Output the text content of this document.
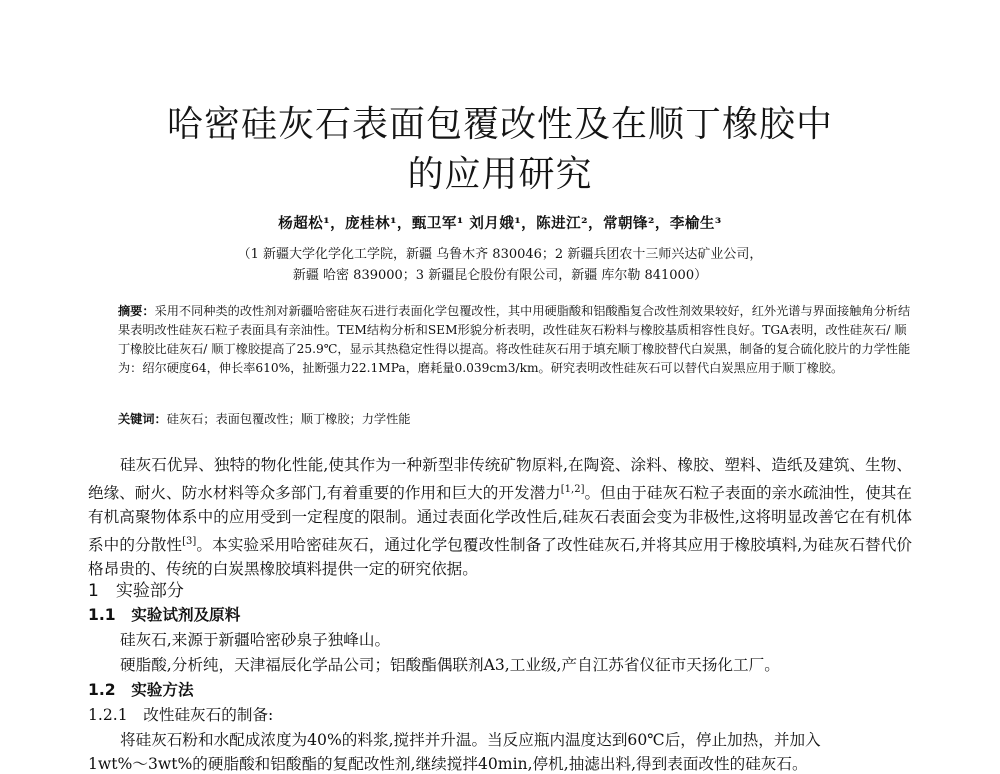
哈密硅灰石表面包覆改性及在顺丁橡胶中
的应用研究
杨超松¹，庞桂林¹，甄卫军¹ 刘月娥¹，陈进江²，常朝锋²，李榆生³
（1 新疆大学化学化工学院，新疆 乌鲁木齐 830046；2 新疆兵团农十三师兴达矿业公司，
新疆 哈密 839000；3 新疆昆仑股份有限公司，新疆 库尔勒 841000）
摘要：采用不同种类的改性剂对新疆哈密硅灰石进行表面化学包覆改性，其中用硬脂酸和铝酸酯复合改性剂效果较好，红外光谱与界面接触角分析结果表明改性硅灰石粒子表面具有亲油性。TEM结构分析和SEM形貌分析表明，改性硅灰石粉料与橡胶基质相容性良好。TGA表明，改性硅灰石/ 顺丁橡胶比硅灰石/ 顺丁橡胶提高了25.9℃，显示其热稳定性得以提高。将改性硅灰石用于填充顺丁橡胶替代白炭黑，制备的复合硫化胶片的力学性能为：绍尔硬度64，伸长率610%，扯断强力22.1MPa，磨耗量0.039cm3/km。研究表明改性硅灰石可以替代白炭黑应用于顺丁橡胶。
关键词：硅灰石；表面包覆改性；顺丁橡胶；力学性能
硅灰石优异、独特的物化性能,使其作为一种新型非传统矿物原料,在陶瓷、涂料、橡胶、塑料、造纸及建筑、生物、绝缘、耐火、防水材料等众多部门,有着重要的作用和巨大的开发潜力[1,2]。但由于硅灰石粒子表面的亲水疏油性，使其在有机高聚物体系中的应用受到一定程度的限制。通过表面化学改性后,硅灰石表面会变为非极性,这将明显改善它在有机体系中的分散性[3]。本实验采用哈密硅灰石，通过化学包覆改性制备了改性硅灰石,并将其应用于橡胶填料,为硅灰石替代价格昂贵的、传统的白炭黑橡胶填料提供一定的研究依据。
1　实验部分
1.1　实验试剂及原料
硅灰石,来源于新疆哈密砂泉子独峰山。
硬脂酸,分析纯，天津福辰化学品公司；铝酸酯偶联剂A3,工业级,产自江苏省仪征市天扬化工厂。
1.2　实验方法
1.2.1　改性硅灰石的制备:
将硅灰石粉和水配成浓度为40%的料浆,搅拌并升温。当反应瓶内温度达到60℃后，停止加热，并加入
1wt%～3wt%的硬脂酸和铝酸酯的复配改性剂,继续搅拌40min,停机,抽滤出料,得到表面改性的硅灰石。
